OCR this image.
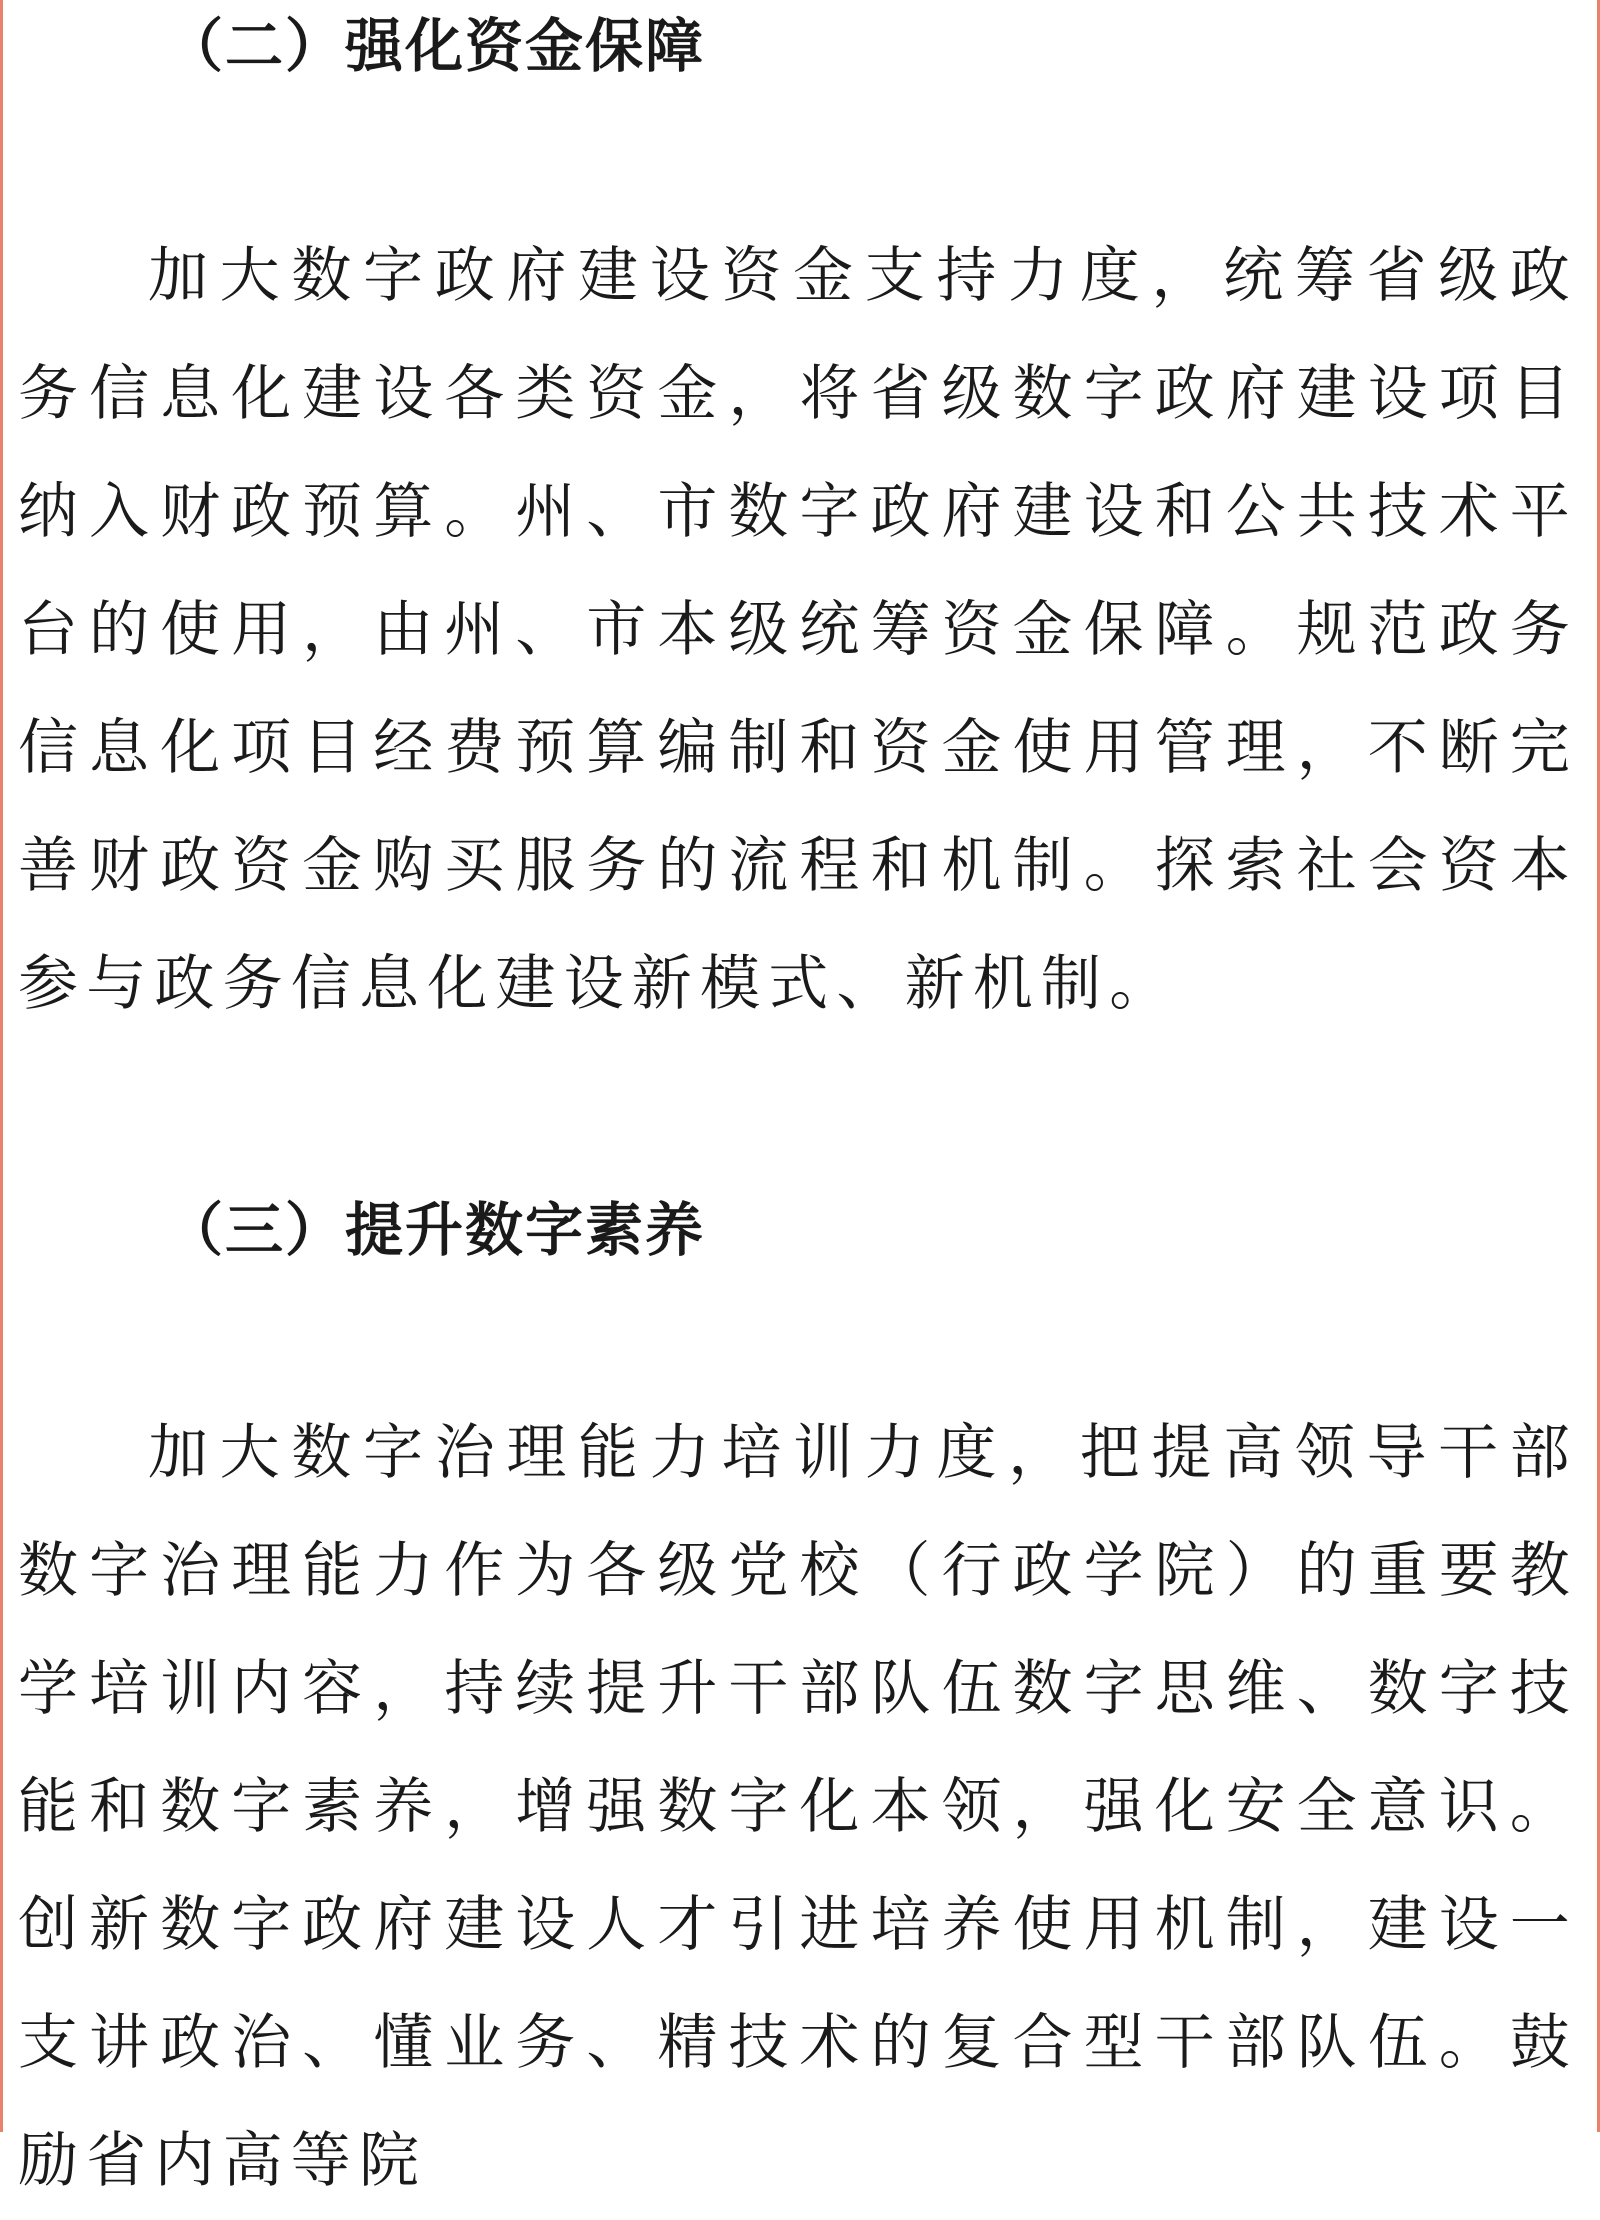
（二）强化资金保障

加大数字政府建设资金支持力度，统筹省级政务信息化建设各类资金，将省级数字政府建设项目纳入财政预算。州、市数字政府建设和公共技术平台的使用，由州、市本级统筹资金保障。规范政务信息化项目经费预算编制和资金使用管理，不断完善财政资金购买服务的流程和机制。探索社会资本参与政务信息化建设新模式、新机制。

（三）提升数字素养

加大数字治理能力培训力度，把提高领导干部数字治理能力作为各级党校（行政学院）的重要教学培训内容，持续提升干部队伍数字思维、数字技能和数字素养，增强数字化本领，强化安全意识。创新数字政府建设人才引进培养使用机制，建设一支讲政治、懂业务、精技术的复合型干部队伍。鼓励省内高等院
